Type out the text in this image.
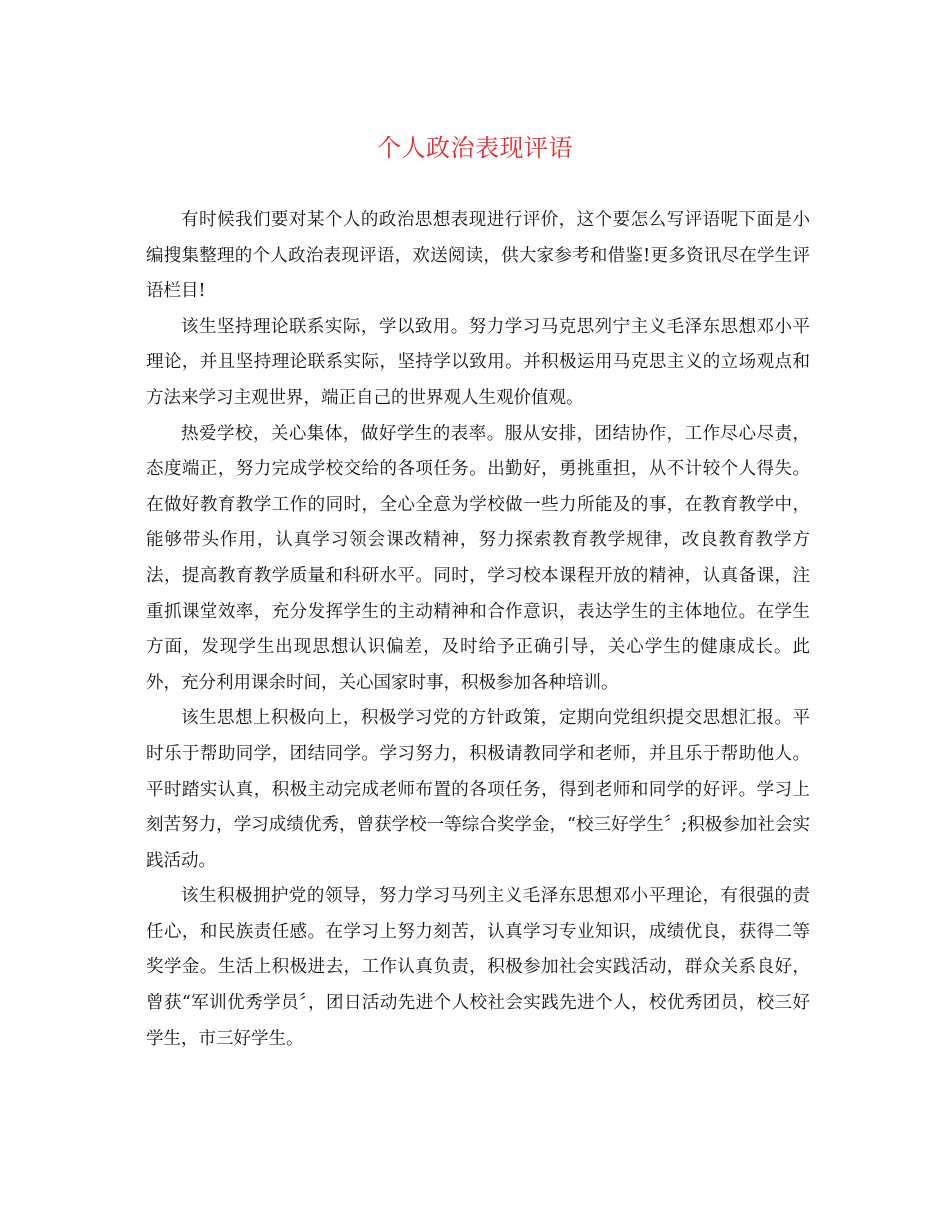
个人政治表现评语

有时候我们要对某个人的政治思想表现进行评价，这个要怎么写评语呢下面是小编搜集整理的个人政治表现评语，欢送阅读，供大家参考和借鉴!更多资讯尽在学生评语栏目!

该生坚持理论联系实际，学以致用。努力学习马克思列宁主义毛泽东思想邓小平理论，并且坚持理论联系实际，坚持学以致用。并积极运用马克思主义的立场观点和方法来学习主观世界，端正自己的世界观人生观价值观。

热爱学校，关心集体，做好学生的表率。服从安排，团结协作，工作尽心尽责，态度端正，努力完成学校交给的各项任务。出勤好，勇挑重担，从不计较个人得失。在做好教育教学工作的同时，全心全意为学校做一些力所能及的事，在教育教学中，能够带头作用，认真学习领会课改精神，努力探索教育教学规律，改良教育教学方法，提高教育教学质量和科研水平。同时，学习校本课程开放的精神，认真备课，注重抓课堂效率，充分发挥学生的主动精神和合作意识，表达学生的主体地位。在学生方面，发现学生出现思想认识偏差，及时给予正确引导，关心学生的健康成长。此外，充分利用课余时间，关心国家时事，积极参加各种培训。

该生思想上积极向上，积极学习党的方针政策，定期向党组织提交思想汇报。平时乐于帮助同学，团结同学。学习努力，积极请教同学和老师，并且乐于帮助他人。平时踏实认真，积极主动完成老师布置的各项任务，得到老师和同学的好评。学习上刻苦努力，学习成绩优秀，曾获学校一等综合奖学金，“校三好学生〞;积极参加社会实践活动。

该生积极拥护党的领导，努力学习马列主义毛泽东思想邓小平理论，有很强的责任心，和民族责任感。在学习上努力刻苦，认真学习专业知识，成绩优良，获得二等奖学金。生活上积极进去，工作认真负责，积极参加社会实践活动，群众关系良好，曾获“军训优秀学员〞，团日活动先进个人校社会实践先进个人，校优秀团员，校三好学生，市三好学生。
